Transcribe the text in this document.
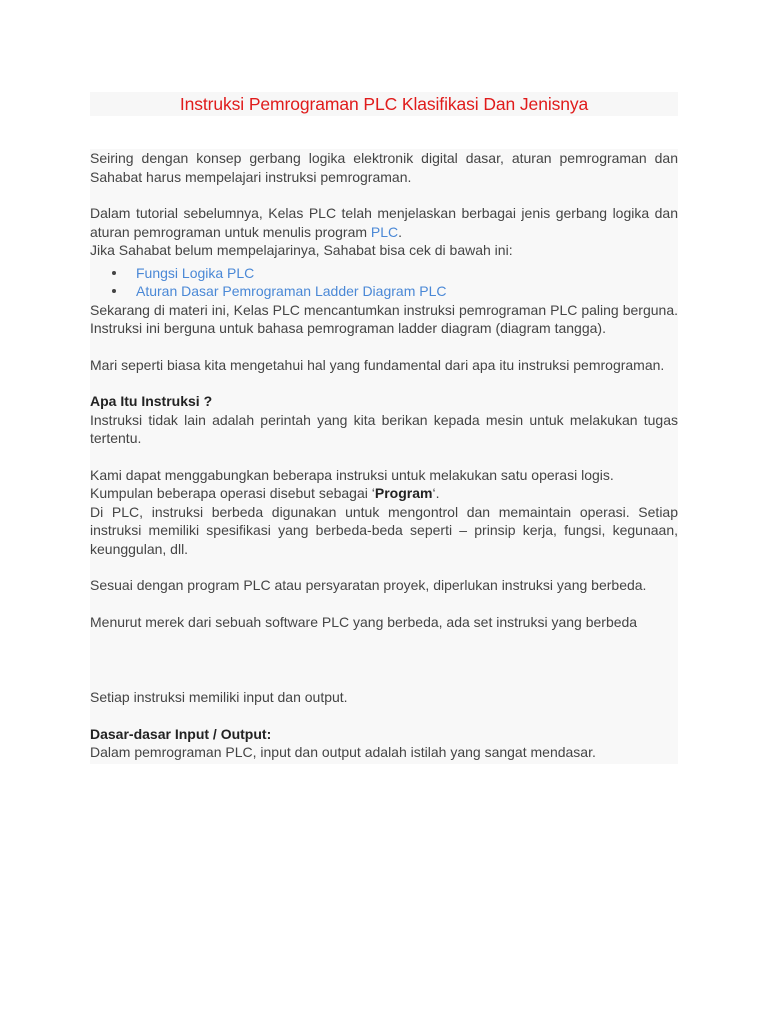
Instruksi Pemrograman PLC Klasifikasi Dan Jenisnya

Seiring dengan konsep gerbang logika elektronik digital dasar, aturan pemrograman dan Sahabat harus mempelajari instruksi pemrograman.

Dalam tutorial sebelumnya, Kelas PLC telah menjelaskan berbagai jenis gerbang logika dan aturan pemrograman untuk menulis program PLC.

Jika Sahabat belum mempelajarinya, Sahabat bisa cek di bawah ini:

Fungsi Logika PLC
Aturan Dasar Pemrograman Ladder Diagram PLC

Sekarang di materi ini, Kelas PLC mencantumkan instruksi pemrograman PLC paling berguna. Instruksi ini berguna untuk bahasa pemrograman ladder diagram (diagram tangga).

Mari seperti biasa kita mengetahui hal yang fundamental dari apa itu instruksi pemrograman.

Apa Itu Instruksi ?

Instruksi tidak lain adalah perintah yang kita berikan kepada mesin untuk melakukan tugas tertentu.

Kami dapat menggabungkan beberapa instruksi untuk melakukan satu operasi logis.

Kumpulan beberapa operasi disebut sebagai ‘Program‘.

Di PLC, instruksi berbeda digunakan untuk mengontrol dan memaintain operasi. Setiap instruksi memiliki spesifikasi yang berbeda-beda seperti – prinsip kerja, fungsi, kegunaan, keunggulan, dll.

Sesuai dengan program PLC atau persyaratan proyek, diperlukan instruksi yang berbeda.

Menurut merek dari sebuah software PLC yang berbeda, ada set instruksi yang berbeda

Setiap instruksi memiliki input dan output.

Dasar-dasar Input / Output:

Dalam pemrograman PLC, input dan output adalah istilah yang sangat mendasar.
